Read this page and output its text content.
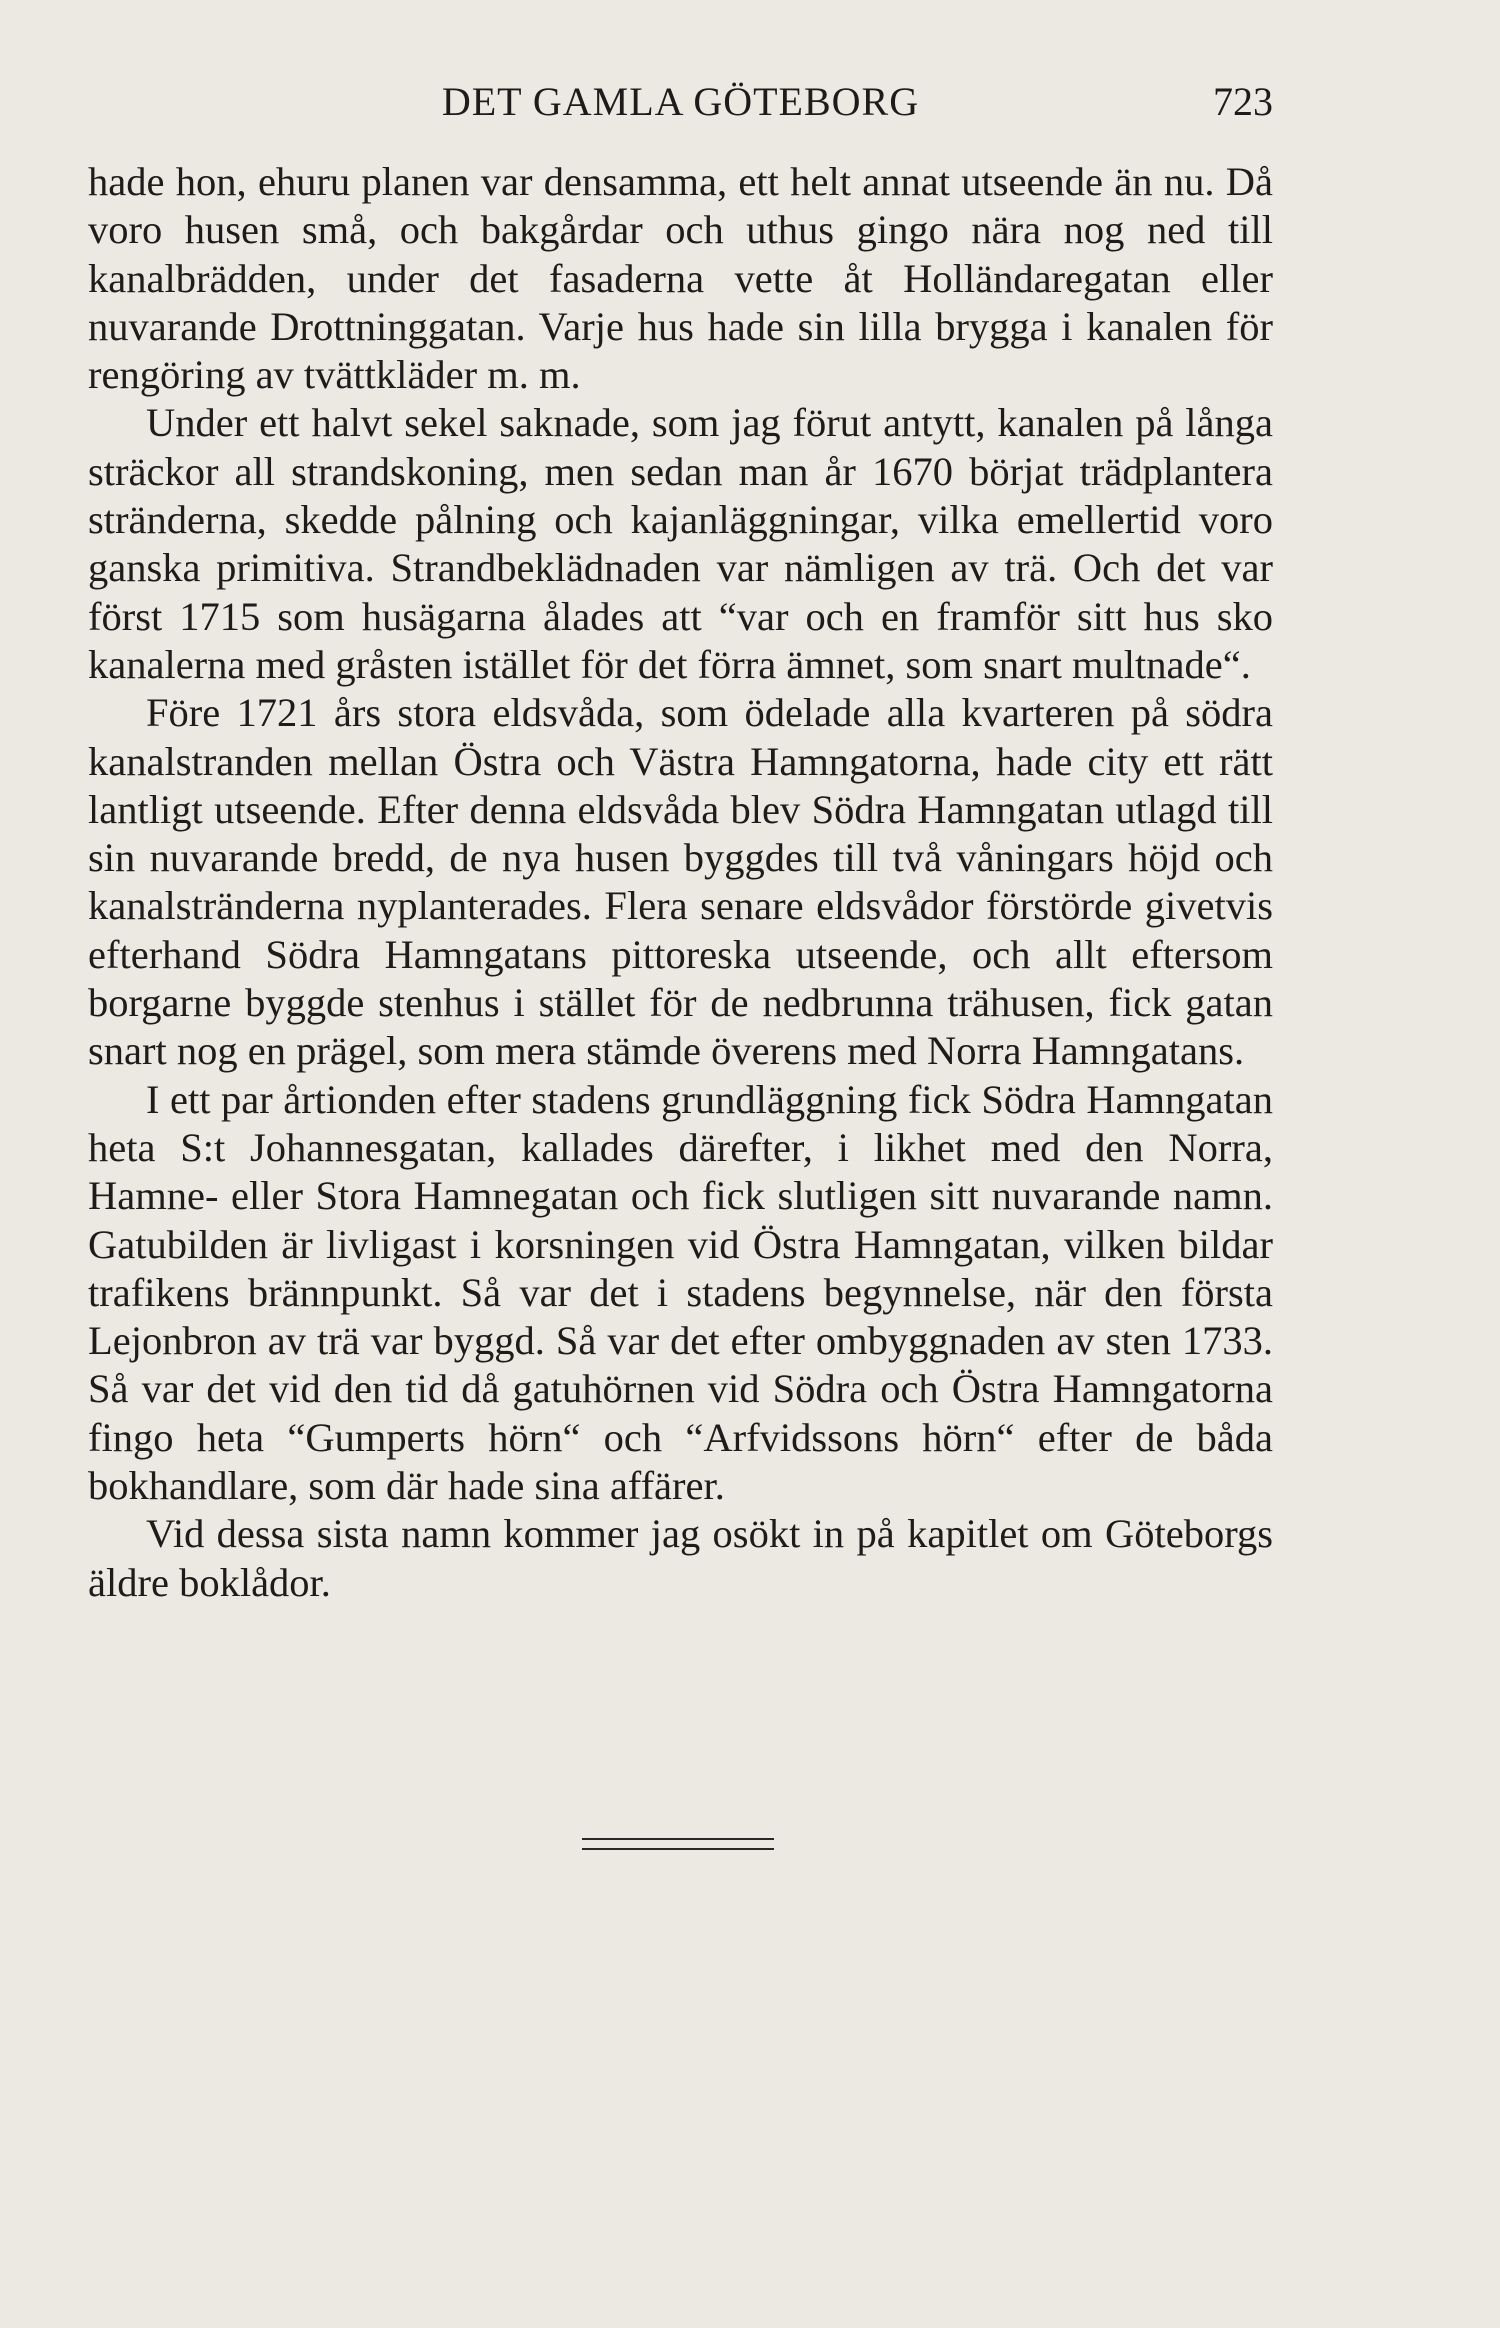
DET GAMLA GÖTEBORG	723

hade hon, ehuru planen var densamma, ett helt annat utseende än nu. Då voro husen små, och bakgårdar och uthus gingo nära nog ned till kanalbrädden, under det fasaderna vette åt Holländaregatan eller nuvarande Drottninggatan. Varje hus hade sin lilla brygga i kanalen för rengöring av tvättkläder m. m.

Under ett halvt sekel saknade, som jag förut antytt, kanalen på långa sträckor all strandskoning, men sedan man år 1670 börjat trädplantera stränderna, skedde pålning och kajanläggningar, vilka emellertid voro ganska primitiva. Strandbeklädnaden var nämligen av trä. Och det var först 1715 som husägarna ålades att “var och en framför sitt hus sko kanalerna med gråsten istället för det förra ämnet, som snart multnade“.

Före 1721 års stora eldsvåda, som ödelade alla kvarteren på södra kanalstranden mellan Östra och Västra Hamngatorna, hade city ett rätt lantligt utseende. Efter denna eldsvåda blev Södra Hamngatan utlagd till sin nuvarande bredd, de nya husen byggdes till två våningars höjd och kanalstränderna nyplanterades. Flera senare eldsvådor förstörde givetvis efterhand Södra Hamngatans pittoreska utseende, och allt eftersom borgarne byggde stenhus i stället för de nedbrunna trähusen, fick gatan snart nog en prägel, som mera stämde överens med Norra Hamngatans.

I ett par årtionden efter stadens grundläggning fick Södra Hamngatan heta S:t Johannesgatan, kallades därefter, i likhet med den Norra, Hamne- eller Stora Hamnegatan och fick slutligen sitt nuvarande namn. Gatubilden är livligast i korsningen vid Östra Hamngatan, vilken bildar trafikens brännpunkt. Så var det i stadens begynnelse, när den första Lejonbron av trä var byggd. Så var det efter ombyggnaden av sten 1733. Så var det vid den tid då gatuhörnen vid Södra och Östra Hamngatorna fingo heta “Gumperts hörn“ och “Arfvidssons hörn“ efter de båda bokhandlare, som där hade sina affärer.

Vid dessa sista namn kommer jag osökt in på kapitlet om Göteborgs äldre boklådor.
